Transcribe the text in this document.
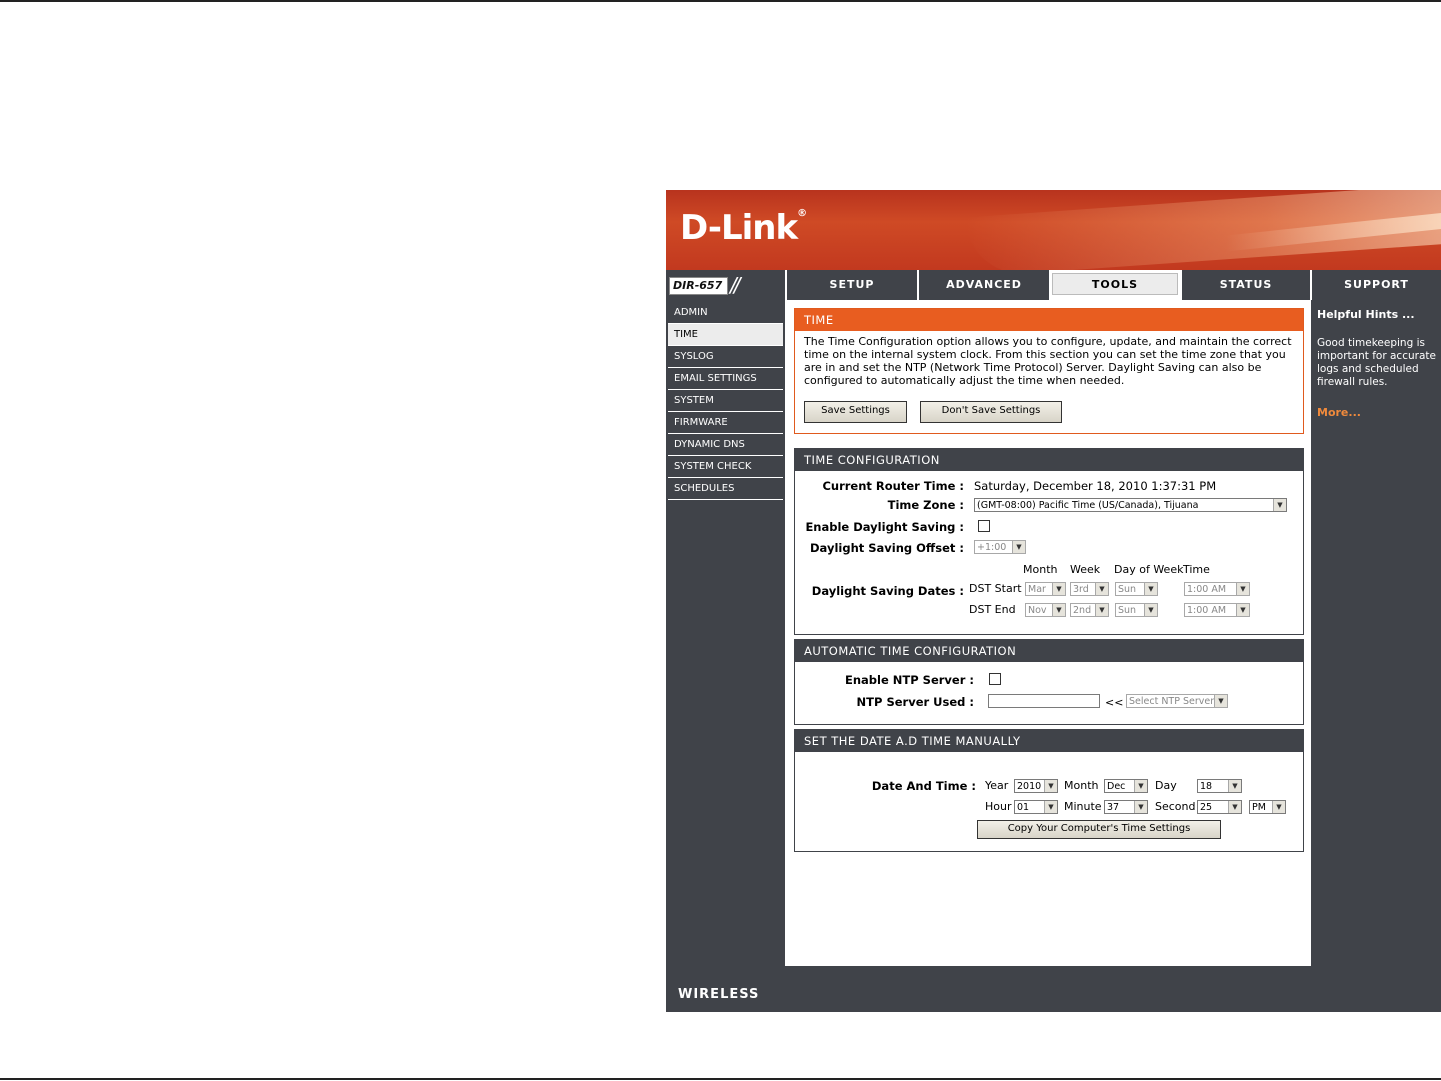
D-Link®
DIR-657 //	SETUP	ADVANCED	TOOLS	STATUS	SUPPORT
ADMIN
TIME
SYSLOG
EMAIL SETTINGS
SYSTEM
FIRMWARE
DYNAMIC DNS
SYSTEM CHECK
SCHEDULES
TIME
The Time Configuration option allows you to configure, update, and maintain the correct time on the internal system clock. From this section you can set the time zone that you are in and set the NTP (Network Time Protocol) Server. Daylight Saving can also be configured to automatically adjust the time when needed.
Save Settings	Don't Save Settings
TIME CONFIGURATION
Current Router Time : Saturday, December 18, 2010 1:37:31 PM
Time Zone :	(GMT-08:00) Pacific Time (US/Canada), Tijuana	▼
Enable Daylight Saving :
Daylight Saving Offset :	+1:00	▼
Month Week Day of Week Time
Daylight Saving Dates : DST Start Mar	▼	3rd	▼	Sun	▼	1:00 AM	▼
DST End	Nov	▼	2nd	▼	Sun	▼	1:00 AM	▼
AUTOMATIC TIME CONFIGURATION
Enable NTP Server :
NTP Server Used :	<< Select NTP Server ▼
SET THE DATE A.D TIME MANUALLY
Date And Time : Year 2010	▼ Month Dec	▼	Day	18	▼
Hour 01	▼ Minute 37	▼	Second 25	▼	PM	▼
Copy Your Computer's Time Settings
Helpful Hints ...
Good timekeeping is important for accurate logs and scheduled firewall rules.
More...
WIRELESS
